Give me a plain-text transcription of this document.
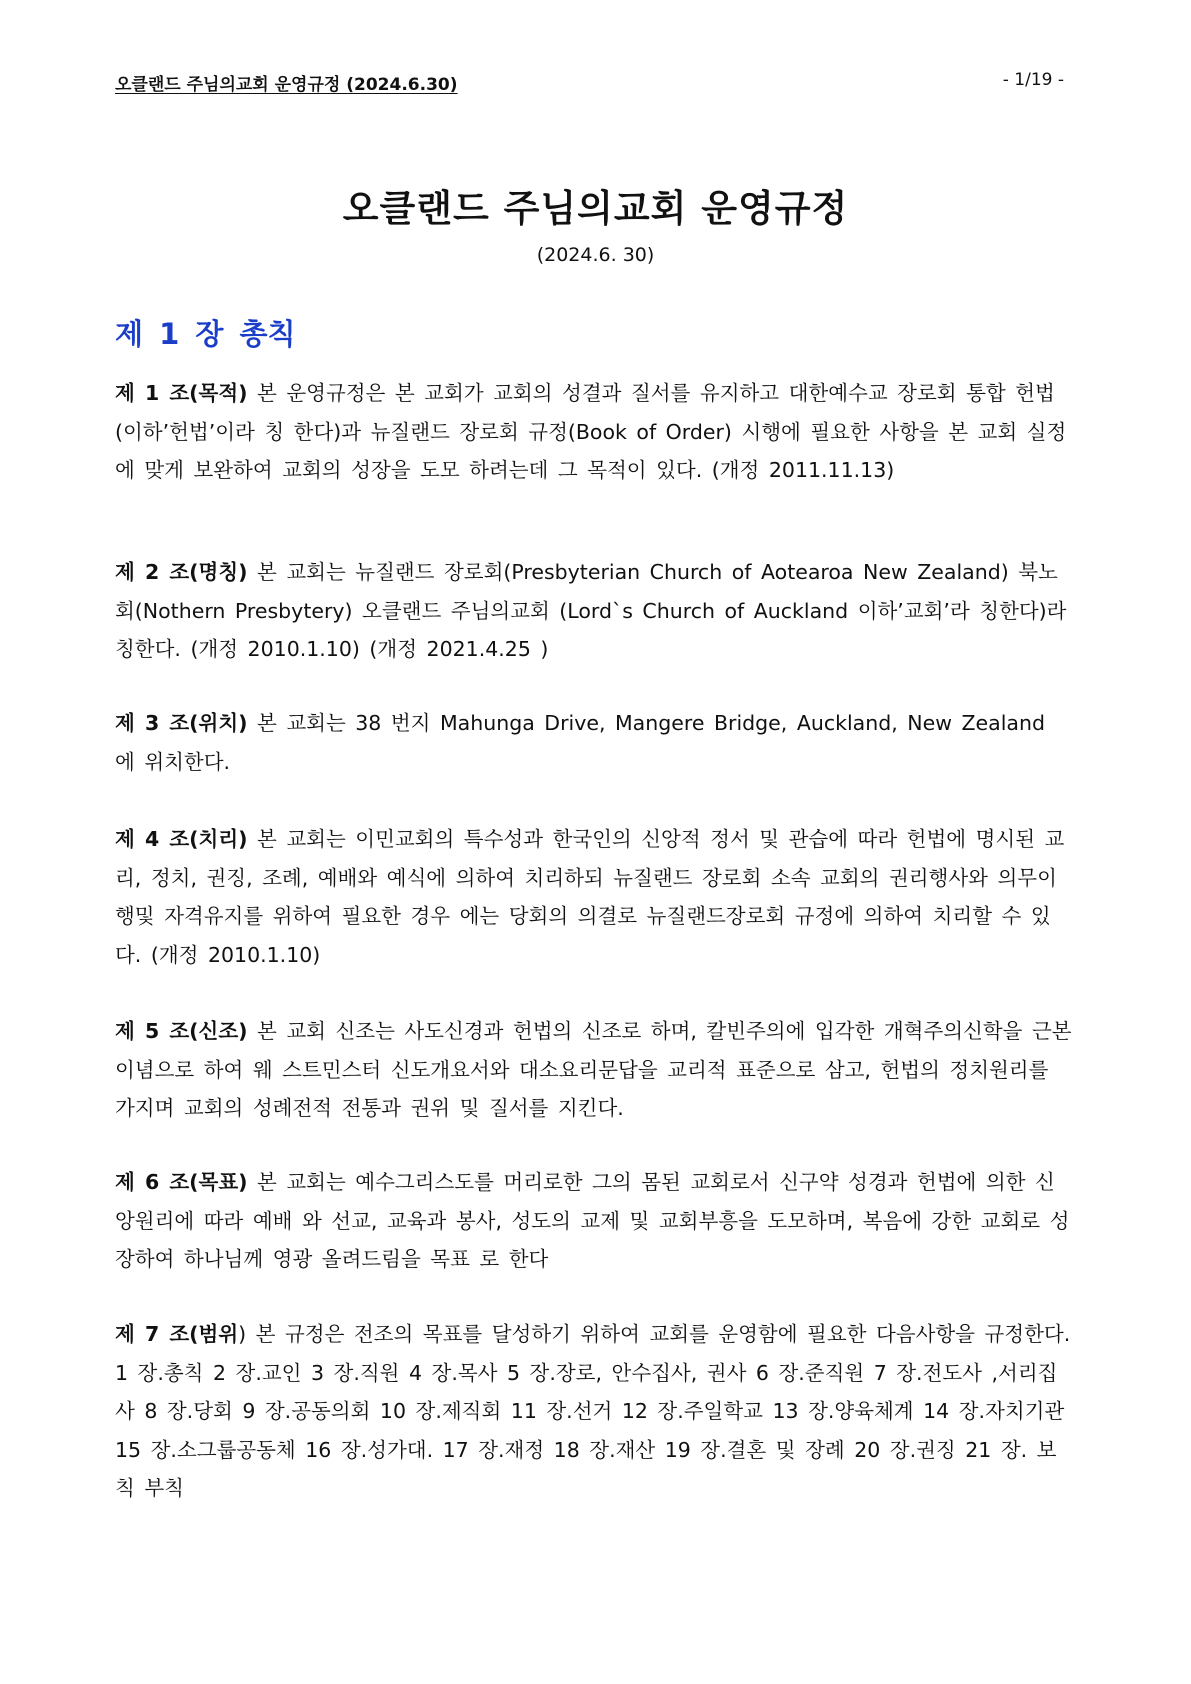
오클랜드 주님의교회 운영규정 (2024.6.30)	- 1/19 -
오클랜드 주님의교회 운영규정
(2024.6. 30)
제 1 장 총칙

제 1 조(목적) 본 운영규정은 본 교회가 교회의 성결과 질서를 유지하고 대한예수교 장로회 통합 헌법(이하’헌법’이라 칭 한다)과 뉴질랜드 장로회 규정(Book of Order) 시행에 필요한 사항을 본 교회 실정에 맞게 보완하여 교회의 성장을 도모 하려는데 그 목적이 있다. (개정 2011.11.13)

제 2 조(명칭) 본 교회는 뉴질랜드 장로회(Presbyterian Church of Aotearoa New Zealand) 북노회(Nothern Presbytery) 오클랜드 주님의교회 (Lord`s Church of Auckland 이하’교회’라 칭한다)라 칭한다. (개정 2010.1.10) (개정 2021.4.25 )

제 3 조(위치) 본 교회는 38 번지 Mahunga Drive, Mangere Bridge, Auckland, New Zealand 에 위치한다.

제 4 조(치리) 본 교회는 이민교회의 특수성과 한국인의 신앙적 정서 및 관습에 따라 헌법에 명시된 교리, 정치, 권징, 조례, 예배와 예식에 의하여 치리하되 뉴질랜드 장로회 소속 교회의 권리행사와 의무이행및 자격유지를 위하여 필요한 경우 에는 당회의 의결로 뉴질랜드장로회 규정에 의하여 치리할 수 있다. (개정 2010.1.10)

제 5 조(신조) 본 교회 신조는 사도신경과 헌법의 신조로 하며, 칼빈주의에 입각한 개혁주의신학을 근본이념으로 하여 웨 스트민스터 신도개요서와 대소요리문답을 교리적 표준으로 삼고, 헌법의 정치원리를 가지며 교회의 성례전적 전통과 권위 및 질서를 지킨다.

제 6 조(목표) 본 교회는 예수그리스도를 머리로한 그의 몸된 교회로서 신구약 성경과 헌법에 의한 신앙원리에 따라 예배 와 선교, 교육과 봉사, 성도의 교제 및 교회부흥을 도모하며, 복음에 강한 교회로 성장하여 하나님께 영광 올려드림을 목표 로 한다

제 7 조(범위) 본 규정은 전조의 목표를 달성하기 위하여 교회를 운영함에 필요한 다음사항을 규정한다.

1 장.총칙 2 장.교인 3 장.직원 4 장.목사 5 장.장로, 안수집사, 권사 6 장.준직원 7 장.전도사 ,서리집사 8 장.당회 9 장.공동의회 10 장.제직회 11 장.선거 12 장.주일학교 13 장.양육체계 14 장.자치기관 15 장.소그룹공동체 16 장.성가대. 17 장.재정 18 장.재산 19 장.결혼 및 장례 20 장.권징 21 장. 보칙 부칙
